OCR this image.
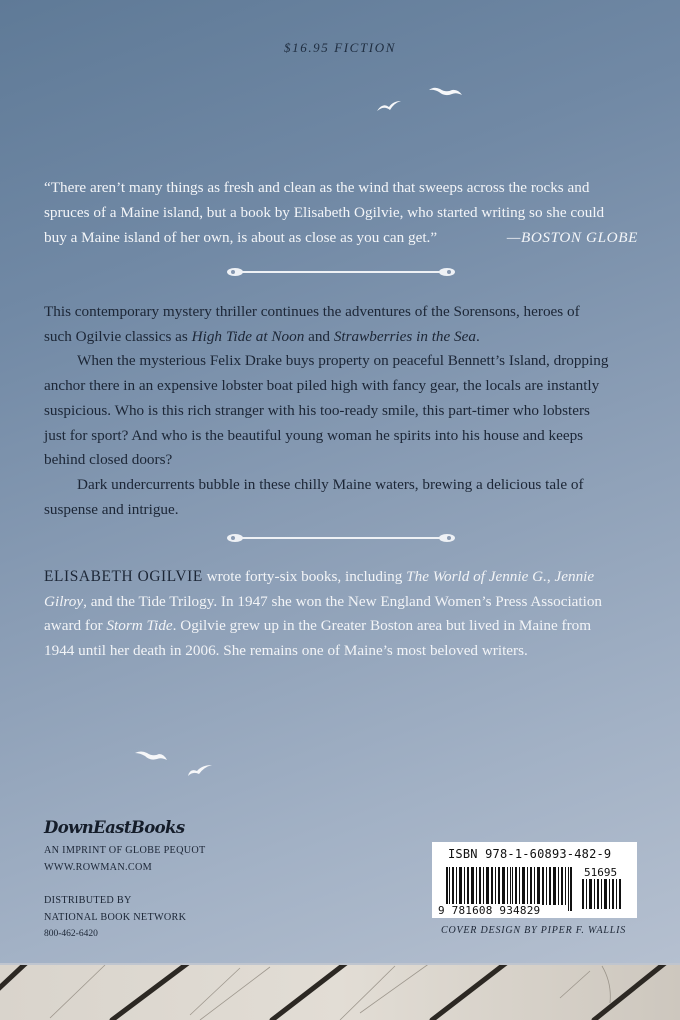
$16.95 FICTION
“There aren’t many things as fresh and clean as the wind that sweeps across the rocks and
spruces of a Maine island, but a book by Elisabeth Ogilvie, who started writing so she could
buy a Maine island of her own, is about as close as you can get.”	—BOSTON GLOBE
This contemporary mystery thriller continues the adventures of the Sorensons, heroes of
such Ogilvie classics as High Tide at Noon and Strawberries in the Sea.
When the mysterious Felix Drake buys property on peaceful Bennett’s Island, dropping
anchor there in an expensive lobster boat piled high with fancy gear, the locals are instantly
suspicious. Who is this rich stranger with his too-ready smile, this part-timer who lobsters
just for sport? And who is the beautiful young woman he spirits into his house and keeps
behind closed doors?
Dark undercurrents bubble in these chilly Maine waters, brewing a delicious tale of
suspense and intrigue.
ELISABETH OGILVIE wrote forty-six books, including The World of Jennie G., Jennie
Gilroy, and the Tide Trilogy. In 1947 she won the New England Women’s Press Association
award for Storm Tide. Ogilvie grew up in the Greater Boston area but lived in Maine from
1944 until her death in 2006. She remains one of Maine’s most beloved writers.
DownEastBooks
AN IMPRINT OF GLOBE PEQUOT
WWW.ROWMAN.COM
DISTRIBUTED BY
NATIONAL BOOK NETWORK
800-462-6420
ISBN 978-1-60893-482-9
51695
9 781608 934829
COVER DESIGN BY PIPER F. WALLIS
